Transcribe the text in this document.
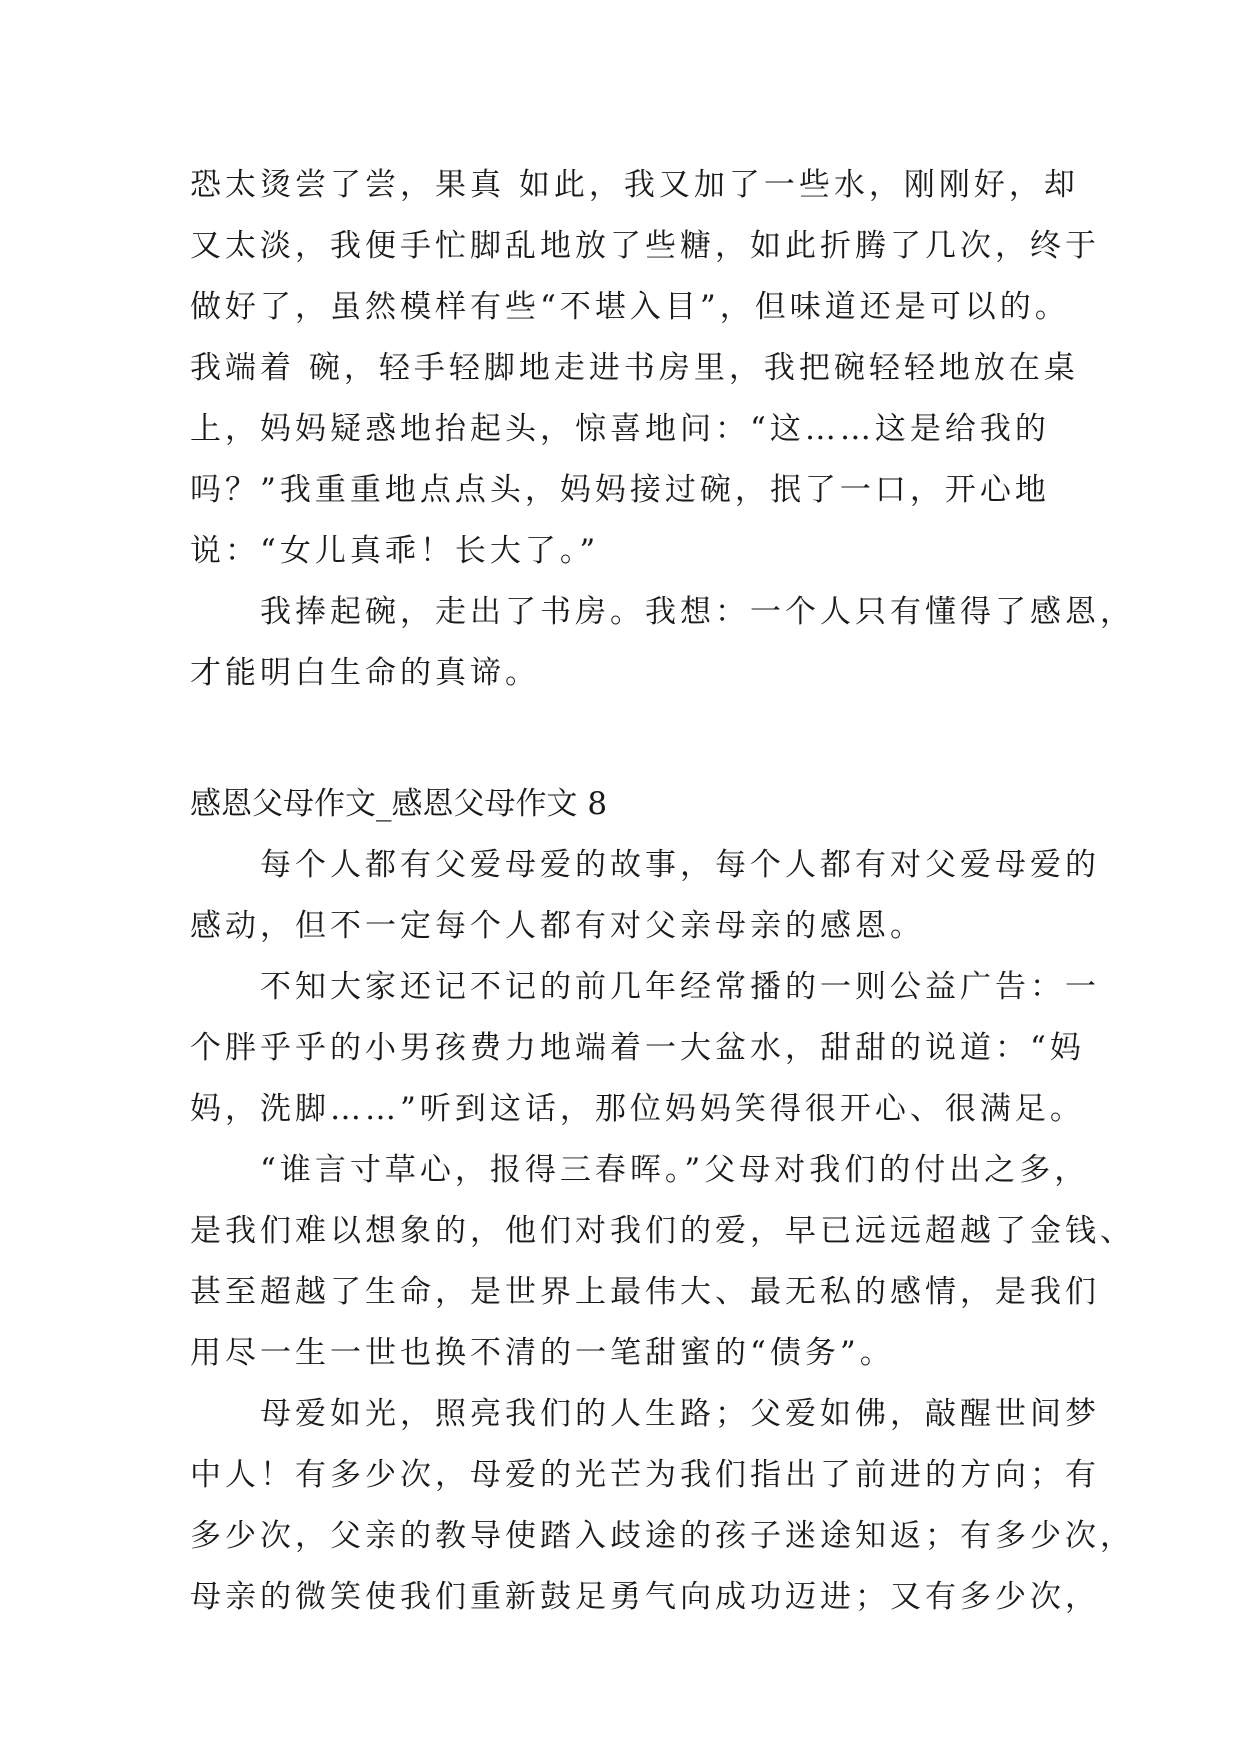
恐太烫尝了尝，果真 如此，我又加了一些水，刚刚好，却
又太淡，我便手忙脚乱地放了些糖，如此折腾了几次，终于
做好了，虽然模样有些“不堪入目”，但味道还是可以的。
我端着 碗，轻手轻脚地走进书房里，我把碗轻轻地放在桌
上，妈妈疑惑地抬起头，惊喜地问：“这……这是给我的
吗？”我重重地点点头，妈妈接过碗，抿了一口，开心地
说：“女儿真乖！长大了。”
　　我捧起碗，走出了书房。我想：一个人只有懂得了感恩，
才能明白生命的真谛。
感恩父母作文_感恩父母作文 8
　　每个人都有父爱母爱的故事，每个人都有对父爱母爱的
感动，但不一定每个人都有对父亲母亲的感恩。
　　不知大家还记不记的前几年经常播的一则公益广告：一
个胖乎乎的小男孩费力地端着一大盆水，甜甜的说道：“妈
妈，洗脚……”听到这话，那位妈妈笑得很开心、很满足。
　　“谁言寸草心，报得三春晖。”父母对我们的付出之多，
是我们难以想象的，他们对我们的爱，早已远远超越了金钱、
甚至超越了生命，是世界上最伟大、最无私的感情，是我们
用尽一生一世也换不清的一笔甜蜜的“债务”。
　　母爱如光，照亮我们的人生路；父爱如佛，敲醒世间梦
中人！有多少次，母爱的光芒为我们指出了前进的方向；有
多少次，父亲的教导使踏入歧途的孩子迷途知返；有多少次，
母亲的微笑使我们重新鼓足勇气向成功迈进；又有多少次，
